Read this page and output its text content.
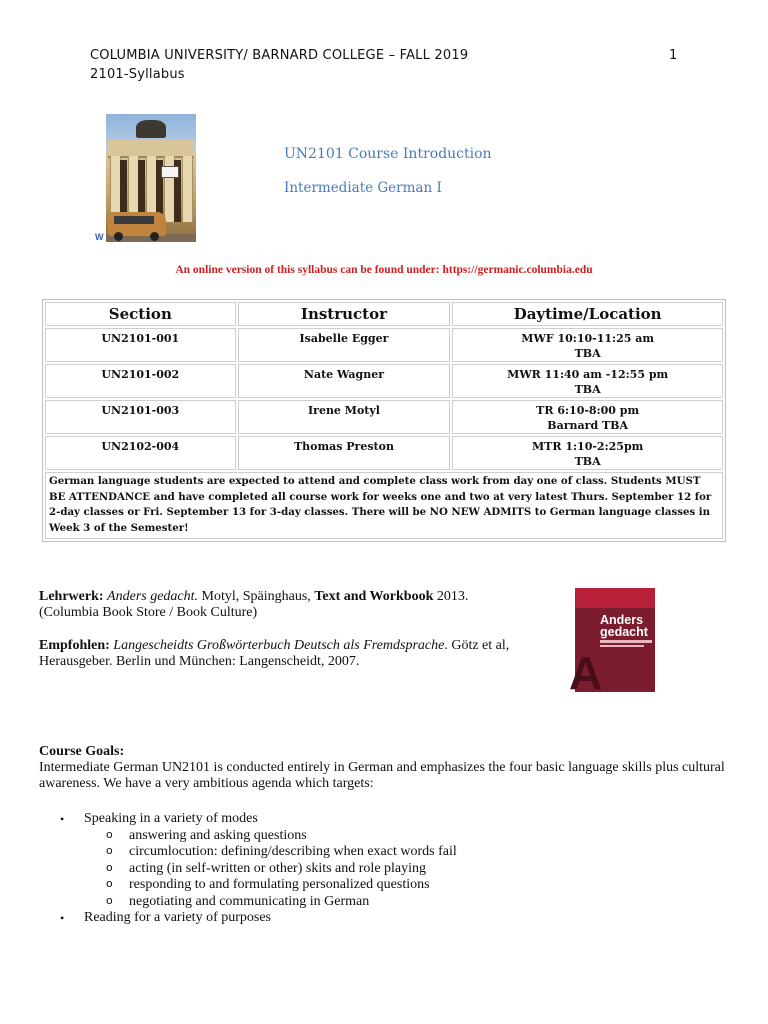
COLUMBIA UNIVERSITY/ BARNARD COLLEGE – FALL 2019
2101-Syllabus
1
W
UN2101 Course Introduction
Intermediate German I
An online version of this syllabus can be found under: https://germanic.columbia.edu
Section	Instructor	Daytime/Location
UN2101-001	Isabelle Egger	MWF 10:10-11:25 am
TBA

UN2101-002	Nate Wagner	MWR 11:40 am -12:55 pm
TBA

UN2101-003	Irene Motyl	TR 6:10-8:00 pm
Barnard TBA

UN2102-004	Thomas Preston	MTR 1:10-2:25pm
TBA

German language students are expected to attend and complete class work from day one of class. Students MUST BE ATTENDANCE and have completed all course work for weeks one and two at very latest Thurs. September 12 for 2-day classes or Fri. September 13 for 3-day classes. There will be NO NEW ADMITS to German language classes in Week 3 of the Semester!		
Lehrwerk: Anders gedacht. Motyl, Späinghaus, Text and Workbook 2013.
(Columbia Book Store / Book Culture)
Empfohlen: Langescheidts Großwörterbuch Deutsch als Fremdsprache. Götz et al,
Herausgeber. Berlin und München: Langenscheidt, 2007.	A
Anders
gedacht
Course Goals:
Intermediate German UN2101 is conducted entirely in German and emphasizes the four basic language skills plus cultural awareness. We have a very ambitious agenda which targets:
• Speaking in a variety of modes
o answering and asking questions
o circumlocution: defining/describing when exact words fail
o acting (in self-written or other) skits and role playing
o responding to and formulating personalized questions
o negotiating and communicating in German
• Reading for a variety of purposes
